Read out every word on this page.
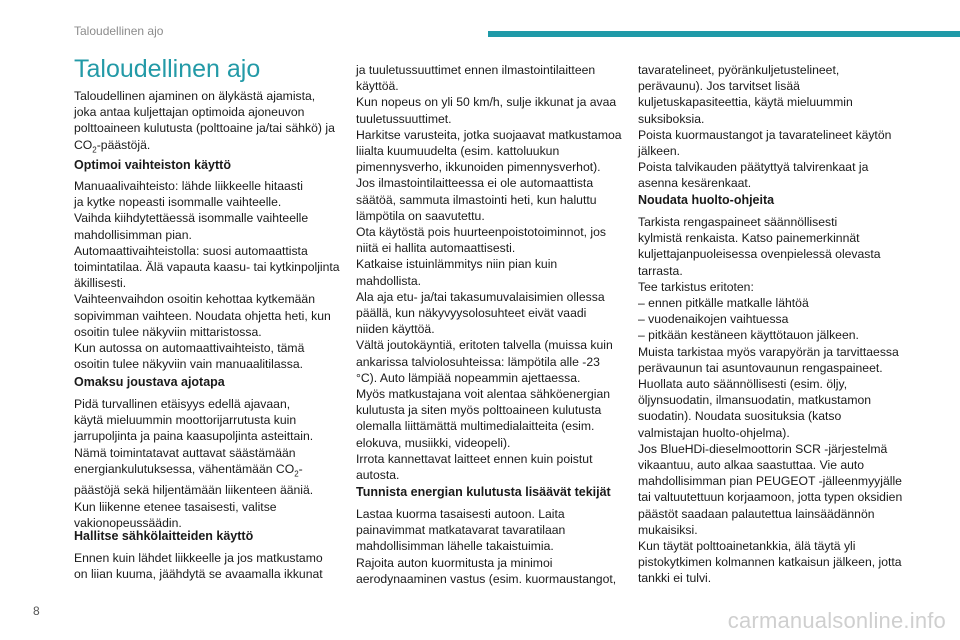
Taloudellinen ajo
Taloudellinen ajo

Taloudellinen ajaminen on älykästä ajamista,
joka antaa kuljettajan optimoida ajoneuvon
polttoaineen kulutusta (polttoaine ja/tai sähkö) ja
$CO_2$-päästöjä.

Optimoi vaihteiston käyttö

Manuaalivaihteisto: lähde liikkeelle hitaasti
ja kytke nopeasti isommalle vaihteelle.
Vaihda kiihdytettäessä isommalle vaihteelle
mahdollisimman pian.
Automaattivaihteistolla: suosi automaattista
toimintatilaa. Älä vapauta kaasu- tai kytkinpoljinta
äkillisesti.
Vaihteenvaihdon osoitin kehottaa kytkemään
sopivimman vaihteen. Noudata ohjetta heti, kun
osoitin tulee näkyviin mittaristossa.
Kun autossa on automaattivaihteisto, tämä
osoitin tulee näkyviin vain manuaalitilassa.

Omaksu joustava ajotapa

Pidä turvallinen etäisyys edellä ajavaan,
käytä mieluummin moottorijarrutusta kuin
jarrupoljinta ja paina kaasupoljinta asteittain.
Nämä toimintatavat auttavat säästämään
energiankulutuksessa, vähentämään $CO_2-$
päästöjä sekä hiljentämään liikenteen ääniä.
Kun liikenne etenee tasaisesti, valitse
vakionopeussäädin.

Hallitse sähkölaitteiden käyttö

Ennen kuin lähdet liikkeelle ja jos matkustamo
on liian kuuma, jäähdytä se avaamalla ikkunat

ja tuuletussuuttimet ennen ilmastointilaitteen
käyttöä.
Kun nopeus on yli 50 km/h, sulje ikkunat ja avaa
tuuletussuuttimet.
Harkitse varusteita, jotka suojaavat matkustamoa
liialta kuumuudelta (esim. kattoluukun
pimennysverho, ikkunoiden pimennysverhot).
Jos ilmastointilaitteessa ei ole automaattista
säätöä, sammuta ilmastointi heti, kun haluttu
lämpötila on saavutettu.
Ota käytöstä pois huurteenpoistotoiminnot, jos
niitä ei hallita automaattisesti.
Katkaise istuinlämmitys niin pian kuin
mahdollista.
Ala aja etu- ja/tai takasumuvalaisimien ollessa
päällä, kun näkyvyysolosuhteet eivät vaadi
niiden käyttöä.
Vältä joutokäyntiä, eritoten talvella (muissa kuin
ankarissa talviolosuhteissa: lämpötila alle -23
°C). Auto lämpiää nopeammin ajettaessa.
Myös matkustajana voit alentaa sähköenergian
kulutusta ja siten myös polttoaineen kulutusta
olemalla liittämättä multimedialaitteita (esim.
elokuva, musiikki, videopeli).
Irrota kannettavat laitteet ennen kuin poistut
autosta.

Tunnista energian kulutusta lisäävät tekijät

Lastaa kuorma tasaisesti autoon. Laita
painavimmat matkatavarat tavaratilaan
mahdollisimman lähelle takaistuimia.
Rajoita auton kuormitusta ja minimoi
aerodynaaminen vastus (esim. kuormaustangot,

tavaratelineet, pyöränkuljetustelineet,
perävaunu). Jos tarvitset lisää
kuljetuskapasiteettia, käytä mieluummin
suksiboksia.
Poista kuormaustangot ja tavaratelineet käytön
jälkeen.
Poista talvikauden päätyttyä talvirenkaat ja
asenna kesärenkaat.

Noudata huolto-ohjeita

Tarkista rengaspaineet säännöllisesti
kylmistä renkaista. Katso painemerkinnät
kuljettajanpuoleisessa ovenpielessä olevasta
tarrasta.
Tee tarkistus eritoten:
– ennen pitkälle matkalle lähtöä
– vuodenaikojen vaihtuessa
– pitkään kestäneen käyttötauon jälkeen.
Muista tarkistaa myös varapyörän ja tarvittaessa
perävaunun tai asuntovaunun rengaspaineet.
Huollata auto säännöllisesti (esim. öljy,
öljynsuodatin, ilmansuodatin, matkustamon
suodatin). Noudata suosituksia (katso
valmistajan huolto-ohjelma).
Jos BlueHDi-dieselmoottorin SCR -järjestelmä
vikaantuu, auto alkaa saastuttaa. Vie auto
mahdollisimman pian PEUGEOT -jälleenmyyjälle
tai valtuutettuun korjaamoon, jotta typen oksidien
päästöt saadaan palautettua lainsäädännön
mukaisiksi.
Kun täytät polttoainetankkia, älä täytä yli
pistokytkimen kolmannen katkaisun jälkeen, jotta
tankki ei tulvi.

8	carmanualsonline.info
